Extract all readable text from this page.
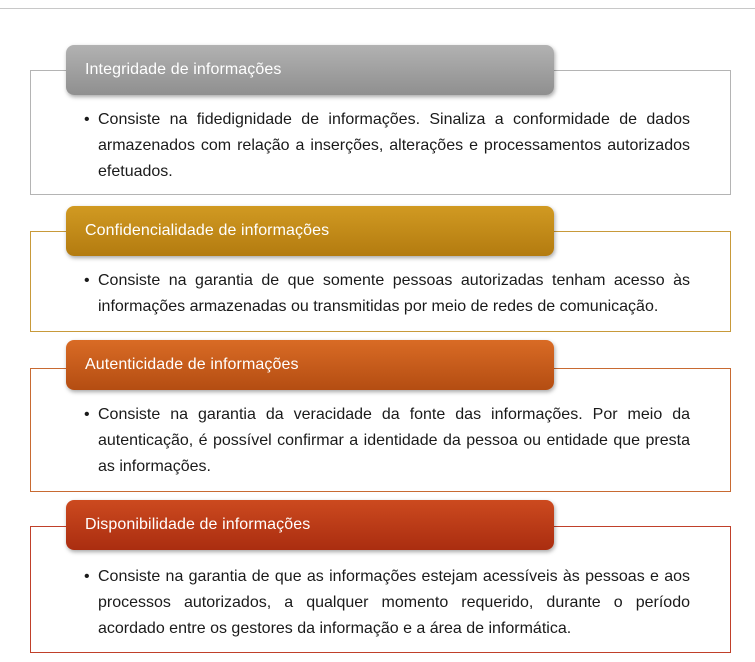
Integridade de informações

• Consiste na fidedignidade de informações. Sinaliza a conformidade de dados armazenados com relação a inserções, alterações e processamentos autorizados efetuados.

Confidencialidade de informações

• Consiste na garantia de que somente pessoas autorizadas tenham acesso às informações armazenadas ou transmitidas por meio de redes de comunicação.

Autenticidade de informações

• Consiste na garantia da veracidade da fonte das informações. Por meio da autenticação, é possível confirmar a identidade da pessoa ou entidade que presta as informações.

Disponibilidade de informações

• Consiste na garantia de que as informações estejam acessíveis às pessoas e aos processos autorizados, a qualquer momento requerido, durante o período acordado entre os gestores da informação e a área de informática.
